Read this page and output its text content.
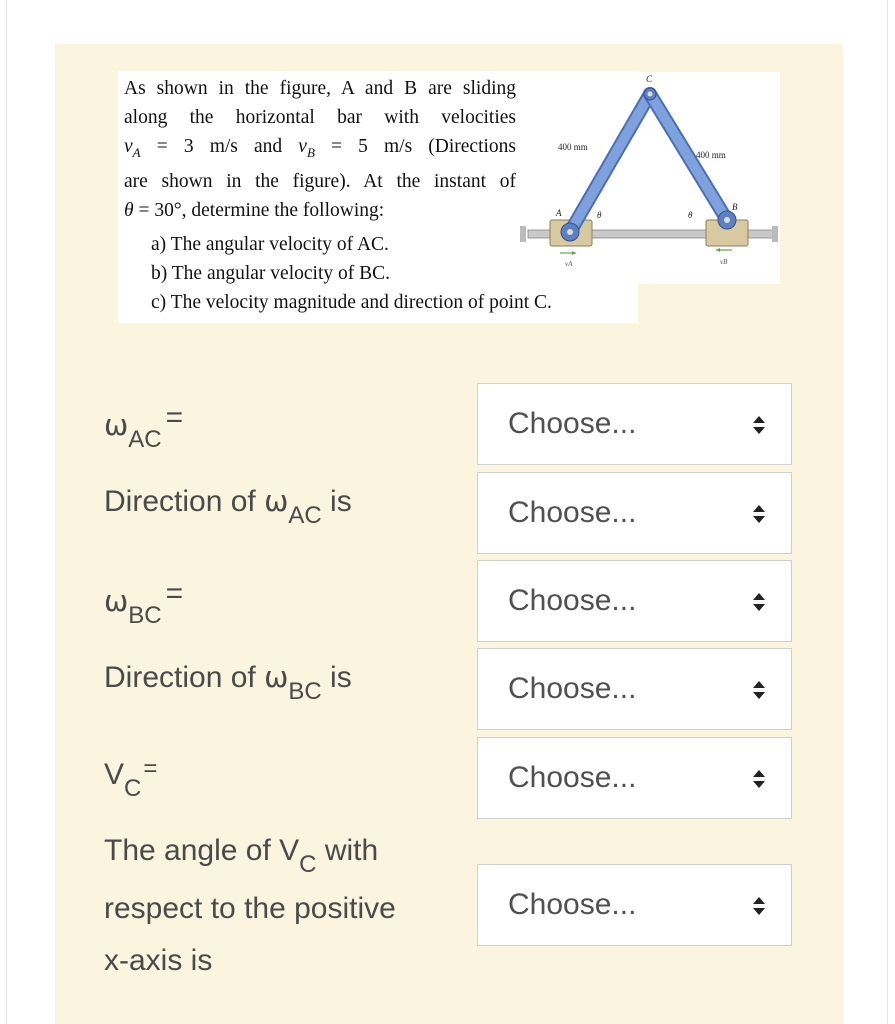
As shown in the figure, A and B are sliding
along the horizontal bar with velocities
$v_A = 3$ m/s and $v_B = 5$ m/s (Directions
are shown in the figure). At the instant of
θ = 30°, determine the following:
a) The angular velocity of AC.
b) The angular velocity of BC.
c) The velocity magnitude and direction of point C.
C
A
B
θ	θ
400 mm
400 mm
vA	vB
$\omega_{AC}=$	Choose...
Direction of $\omega_{AC}$ is	Choose...
$\omega_{BC}=$	Choose...
Direction of $\omega_{BC}$ is	Choose...
$V_C^=$	Choose...
The angle of $V_C$ with
respect to the positive
x-axis is
Choose...
